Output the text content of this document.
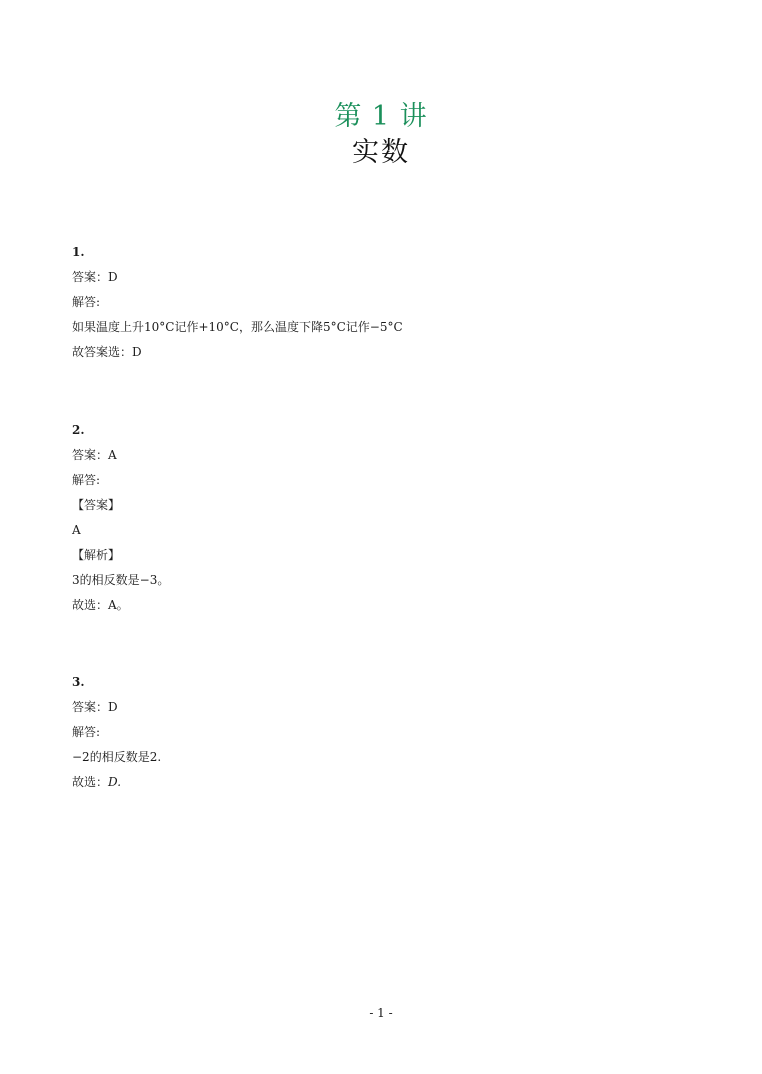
第 1 讲
实数
1.
答案：D
解答:
如果温度上升10°C记作+10°C，那么温度下降5°C记作−5°C
故答案选：D
2.
答案：A
解答:
【答案】
A
【解析】
3的相反数是−3。
故选：A。
3.
答案：D
解答:
−2的相反数是2.
故选：D.
- 1 -
